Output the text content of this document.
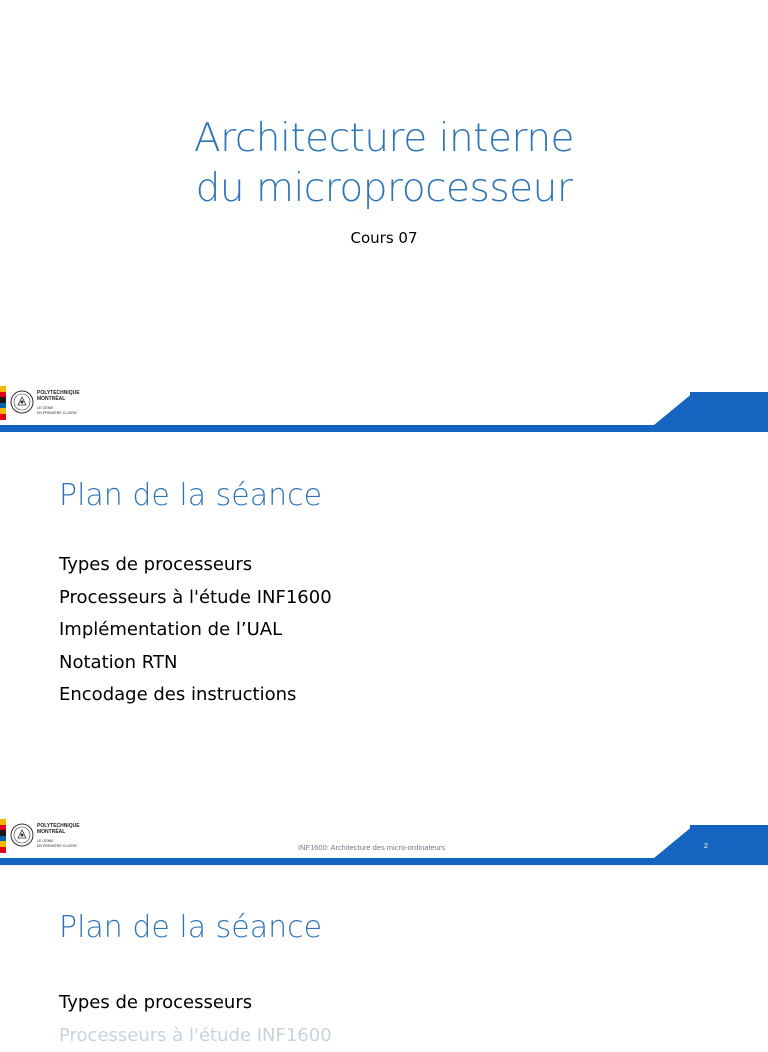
Architecture interne
du microprocesseur
Cours 07
POLYTECHNIQUE
MONTRÉAL
LE GÉNIE
EN PREMIÈRE CLASSE
Plan de la séance
Types de processeurs
Processeurs à l'étude INF1600
Implémentation de l’UAL
Notation RTN
Encodage des instructions
POLYTECHNIQUE
MONTRÉAL
LE GÉNIE
EN PREMIÈRE CLASSE	INF1600: Architecture des micro-ordinateurs	2
Plan de la séance
Types de processeurs
Processeurs à l'étude INF1600
